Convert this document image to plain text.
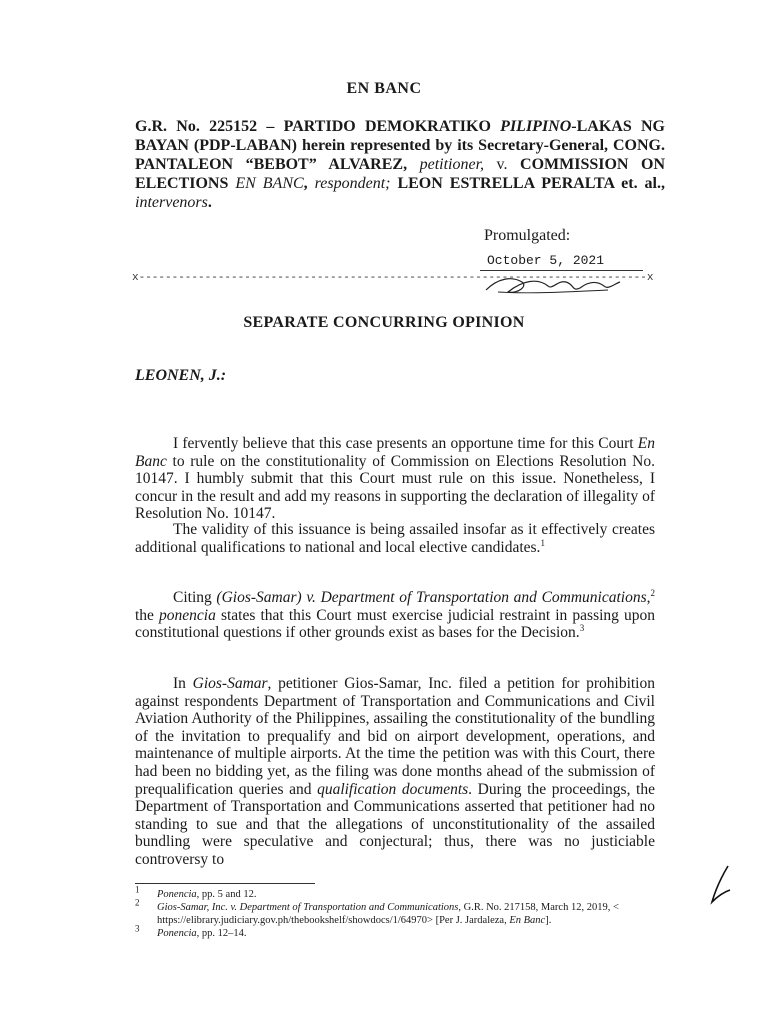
EN BANC
G.R. No. 225152 – PARTIDO DEMOKRATIKO PILIPINO-LAKAS NG BAYAN (PDP-LABAN) herein represented by its Secretary-General, CONG. PANTALEON “BEBOT” ALVAREZ, petitioner, v. COMMISSION ON ELECTIONS EN BANC, respondent; LEON ESTRELLA PERALTA et. al., intervenors.
Promulgated:
October 5, 2021
x-----------------------------------------------------------------------------x
SEPARATE CONCURRING OPINION
LEONEN, J.:
I fervently believe that this case presents an opportune time for this Court En Banc to rule on the constitutionality of Commission on Elections Resolution No. 10147. I humbly submit that this Court must rule on this issue. Nonetheless, I concur in the result and add my reasons in supporting the declaration of illegality of Resolution No. 10147.
The validity of this issuance is being assailed insofar as it effectively creates additional qualifications to national and local elective candidates.$^1$
Citing (Gios-Samar) v. Department of Transportation and Communications,$^2$ the ponencia states that this Court must exercise judicial restraint in passing upon constitutional questions if other grounds exist as bases for the Decision.$^3$
In Gios-Samar, petitioner Gios-Samar, Inc. filed a petition for prohibition against respondents Department of Transportation and Communications and Civil Aviation Authority of the Philippines, assailing the constitutionality of the bundling of the invitation to prequalify and bid on airport development, operations, and maintenance of multiple airports. At the time the petition was with this Court, there had been no bidding yet, as the filing was done months ahead of the submission of prequalification queries and qualification documents. During the proceedings, the Department of Transportation and Communications asserted that petitioner had no standing to sue and that the allegations of unconstitutionality of the assailed bundling were speculative and conjectural; thus, there was no justiciable controversy to
$^1$	Ponencia, pp. 5 and 12.
$^2$	Gios-Samar, Inc. v. Department of Transportation and Communications, G.R. No. 217158, March 12, 2019, < https://elibrary.judiciary.gov.ph/thebookshelf/showdocs/1/64970> [Per J. Jardaleza, En Banc].
$^3$	Ponencia, pp. 12–14.
